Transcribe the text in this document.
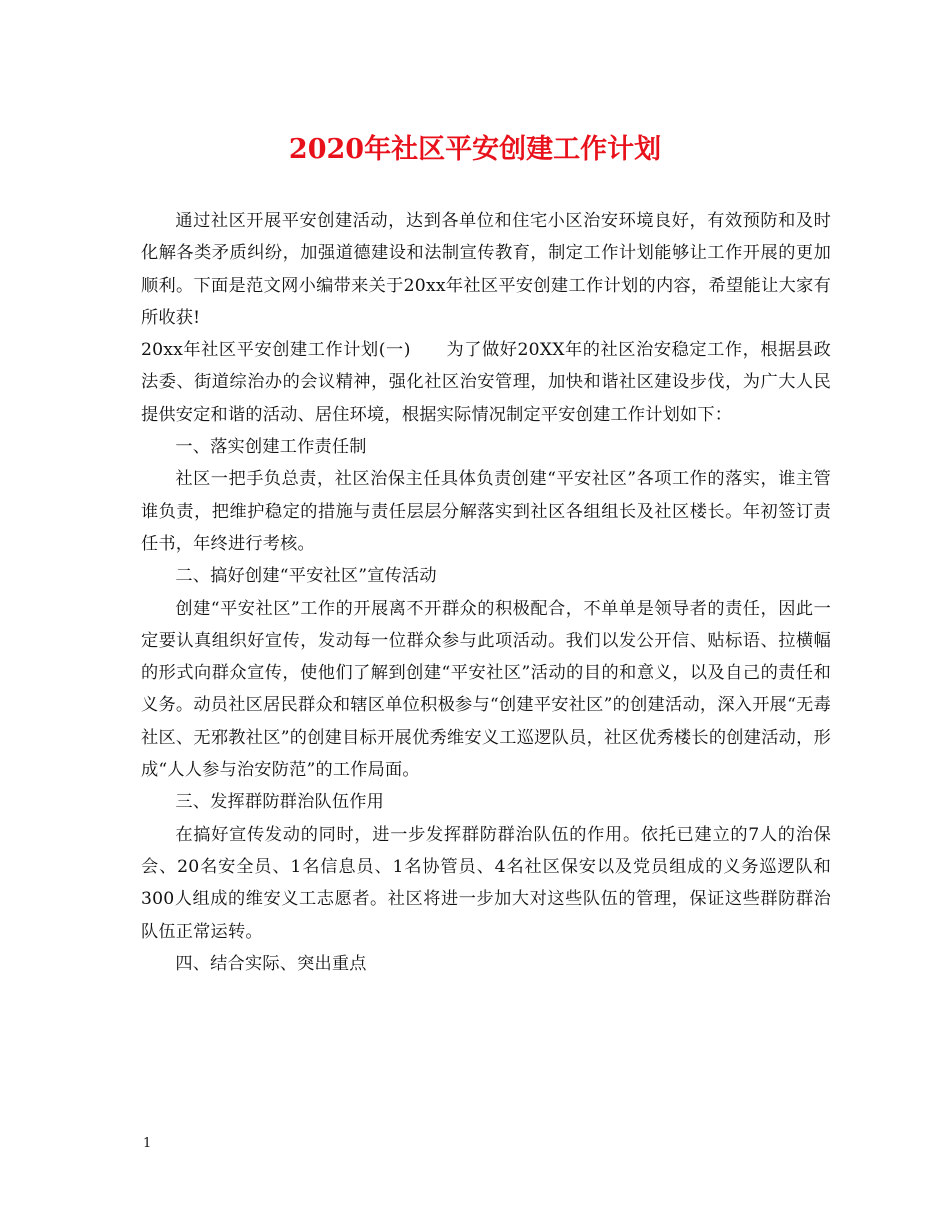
2020年社区平安创建工作计划

通过社区开展平安创建活动，达到各单位和住宅小区治安环境良好，有效预防和及时化解各类矛质纠纷，加强道德建设和法制宣传教育，制定工作计划能够让工作开展的更加顺利。下面是范文网小编带来关于20xx年社区平安创建工作计划的内容，希望能让大家有所收获!

20xx年社区平安创建工作计划(一)　　为了做好20XX年的社区治安稳定工作，根据县政法委、街道综治办的会议精神，强化社区治安管理，加快和谐社区建设步伐，为广大人民提供安定和谐的活动、居住环境，根据实际情况制定平安创建工作计划如下：

一、落实创建工作责任制

社区一把手负总责，社区治保主任具体负责创建“平安社区”各项工作的落实，谁主管谁负责，把维护稳定的措施与责任层层分解落实到社区各组组长及社区楼长。年初签订责任书，年终进行考核。

二、搞好创建“平安社区”宣传活动

创建“平安社区”工作的开展离不开群众的积极配合，不单单是领导者的责任，因此一定要认真组织好宣传，发动每一位群众参与此项活动。我们以发公开信、贴标语、拉横幅的形式向群众宣传，使他们了解到创建“平安社区”活动的目的和意义，以及自己的责任和义务。动员社区居民群众和辖区单位积极参与“创建平安社区”的创建活动，深入开展“无毒社区、无邪教社区”的创建目标开展优秀维安义工巡逻队员，社区优秀楼长的创建活动，形成“人人参与治安防范”的工作局面。

三、发挥群防群治队伍作用

在搞好宣传发动的同时，进一步发挥群防群治队伍的作用。依托已建立的7人的治保会、20名安全员、1名信息员、1名协管员、4名社区保安以及党员组成的义务巡逻队和300人组成的维安义工志愿者。社区将进一步加大对这些队伍的管理，保证这些群防群治队伍正常运转。

四、结合实际、突出重点

1
